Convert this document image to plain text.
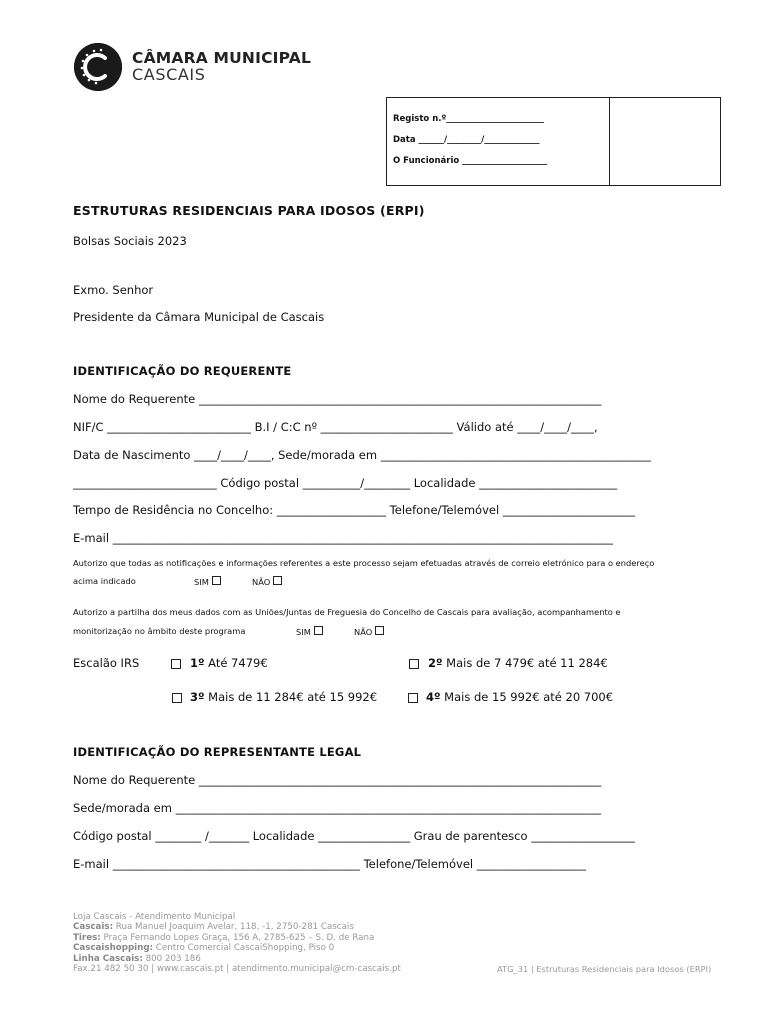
CÂMARA MUNICIPAL
CASCAIS
Registo n.º_______________________
Data ______/________/_____________
O Funcionário ____________________
ESTRUTURAS RESIDENCIAIS PARA IDOSOS (ERPI)
Bolsas Sociais 2023
Exmo. Senhor
Presidente da Câmara Municipal de Cascais
IDENTIFICAÇÃO DO REQUERENTE
Nome do Requerente ______________________________________________________________________
NIF/C _________________________ B.I / C:C nº _______________________ Válido até ____/____/____,
Data de Nascimento ____/____/____, Sede/morada em _______________________________________________
_________________________ Código postal __________/________ Localidade ________________________
Tempo de Residência no Concelho: ___________________ Telefone/Telemóvel _______________________
E-mail _______________________________________________________________________________________
Autorizo que todas as notificações e informações referentes a este processo sejam efetuadas através de correio eletrónico para o endereço
acima indicado	SIM	NÃO
Autorizo a partilha dos meus dados com as Uniões/Juntas de Freguesia do Concelho de Cascais para avaliação, acompanhamento e
monitorização no âmbito deste programa	SIM	NÃO
Escalão IRS	1º Até 7479€	2º Mais de 7 479€ até 11 284€
3º Mais de 11 284€ até 15 992€	4º Mais de 15 992€ até 20 700€
IDENTIFICAÇÃO DO REPRESENTANTE LEGAL
Nome do Requerente ______________________________________________________________________
Sede/morada em __________________________________________________________________________
Código postal ________ /_______ Localidade ________________ Grau de parentesco __________________
E-mail ___________________________________________ Telefone/Telemóvel ___________________
Loja Cascais - Atendimento Municipal
Cascais: Rua Manuel Joaquim Avelar, 118, -1, 2750-281 Cascais
Tires: Praça Fernando Lopes Graça, 156 A, 2785-625 – S. D. de Rana
Cascaishopping: Centro Comercial CascaiShopping, Piso 0
Linha Cascais: 800 203 186
Fax.21 482 50 30 | www.cascais.pt | atendimento.municipal@cm-cascais.pt	ATG_31 | Estruturas Residenciais para Idosos (ERPI)
